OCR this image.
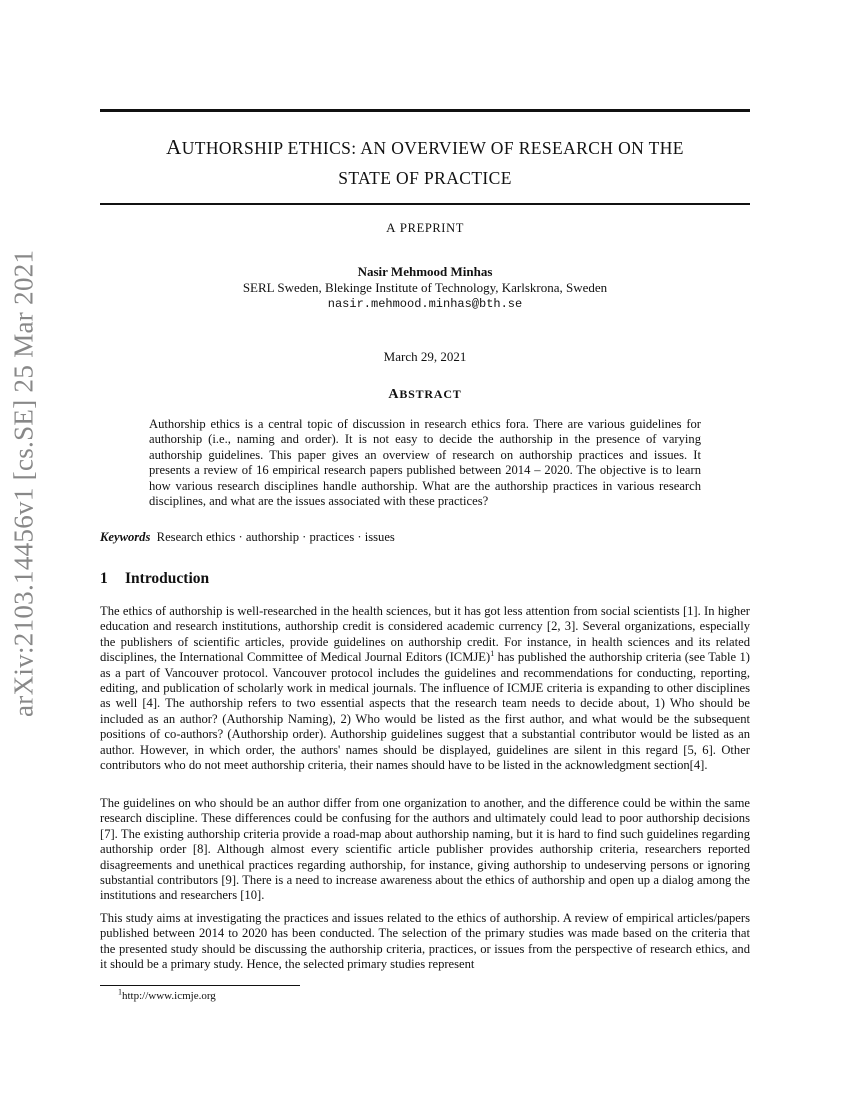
arXiv:2103.14456v1 [cs.SE] 25 Mar 2021
AUTHORSHIP ETHICS: AN OVERVIEW OF RESEARCH ON THE
STATE OF PRACTICE
A PREPRINT
Nasir Mehmood Minhas
SERL Sweden, Blekinge Institute of Technology, Karlskrona, Sweden
nasir.mehmood.minhas@bth.se
March 29, 2021
ABSTRACT
Authorship ethics is a central topic of discussion in research ethics fora. There are various guidelines for authorship (i.e., naming and order). It is not easy to decide the authorship in the presence of varying authorship guidelines. This paper gives an overview of research on authorship practices and issues. It presents a review of 16 empirical research papers published between 2014 – 2020. The objective is to learn how various research disciplines handle authorship. What are the authorship practices in various research disciplines, and what are the issues associated with these practices?
Keywords Research ethics · authorship · practices · issues
1 Introduction
The ethics of authorship is well-researched in the health sciences, but it has got less attention from social scientists [1]. In higher education and research institutions, authorship credit is considered academic currency [2, 3]. Several organizations, especially the publishers of scientific articles, provide guidelines on authorship credit. For instance, in health sciences and its related disciplines, the International Committee of Medical Journal Editors (ICMJE)$^1$ has published the authorship criteria (see Table 1) as a part of Vancouver protocol. Vancouver protocol includes the guidelines and recommendations for conducting, reporting, editing, and publication of scholarly work in medical journals. The influence of ICMJE criteria is expanding to other disciplines as well [4]. The authorship refers to two essential aspects that the research team needs to decide about, 1) Who should be included as an author? (Authorship Naming), 2) Who would be listed as the first author, and what would be the subsequent positions of co-authors? (Authorship order). Authorship guidelines suggest that a substantial contributor would be listed as an author. However, in which order, the authors' names should be displayed, guidelines are silent in this regard [5, 6]. Other contributors who do not meet authorship criteria, their names should have to be listed in the acknowledgment section[4].
The guidelines on who should be an author differ from one organization to another, and the difference could be within the same research discipline. These differences could be confusing for the authors and ultimately could lead to poor authorship decisions [7]. The existing authorship criteria provide a road-map about authorship naming, but it is hard to find such guidelines regarding authorship order [8]. Although almost every scientific article publisher provides authorship criteria, researchers reported disagreements and unethical practices regarding authorship, for instance, giving authorship to undeserving persons or ignoring substantial contributors [9]. There is a need to increase awareness about the ethics of authorship and open up a dialog among the institutions and researchers [10].
This study aims at investigating the practices and issues related to the ethics of authorship. A review of empirical articles/papers published between 2014 to 2020 has been conducted. The selection of the primary studies was made based on the criteria that the presented study should be discussing the authorship criteria, practices, or issues from the perspective of research ethics, and it should be a primary study. Hence, the selected primary studies represent
$^1$http://www.icmje.org
